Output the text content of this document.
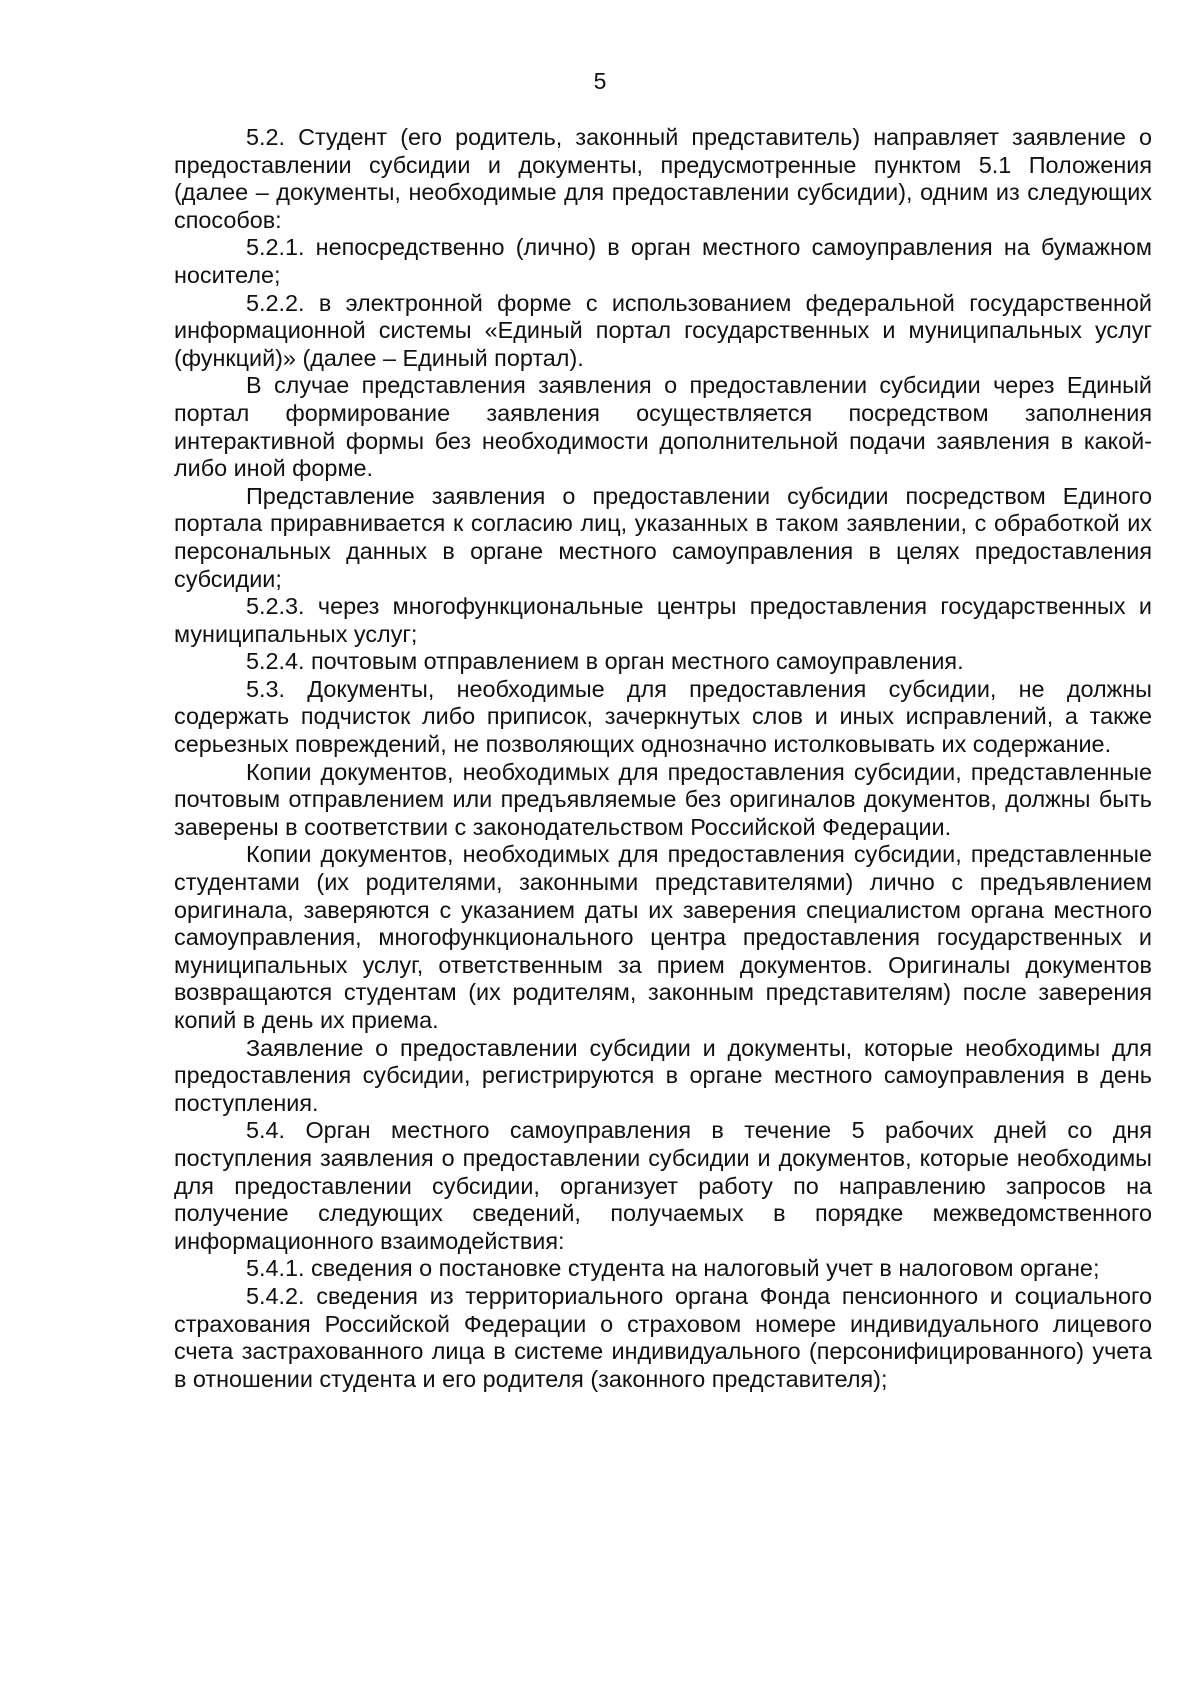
5

5.2. Студент (его родитель, законный представитель) направляет заявление о предоставлении субсидии и документы, предусмотренные пунктом 5.1 Положения (далее – документы, необходимые для предоставлении субсидии), одним из следующих способов:

5.2.1. непосредственно (лично) в орган местного самоуправления на бумажном носителе;

5.2.2. в электронной форме с использованием федеральной государственной информационной системы «Единый портал государственных и муниципальных услуг (функций)» (далее – Единый портал).

В случае представления заявления о предоставлении субсидии через Единый портал формирование заявления осуществляется посредством заполнения интерактивной формы без необходимости дополнительной подачи заявления в какой-либо иной форме.

Представление заявления о предоставлении субсидии посредством Единого портала приравнивается к согласию лиц, указанных в таком заявлении, с обработкой их персональных данных в органе местного самоуправления в целях предоставления субсидии;

5.2.3. через многофункциональные центры предоставления государственных и муниципальных услуг;

5.2.4. почтовым отправлением в орган местного самоуправления.

5.3. Документы, необходимые для предоставления субсидии, не должны содержать подчисток либо приписок, зачеркнутых слов и иных исправлений, а также серьезных повреждений, не позволяющих однозначно истолковывать их содержание.

Копии документов, необходимых для предоставления субсидии, представленные почтовым отправлением или предъявляемые без оригиналов документов, должны быть заверены в соответствии с законодательством Российской Федерации.

Копии документов, необходимых для предоставления субсидии, представленные студентами (их родителями, законными представителями) лично с предъявлением оригинала, заверяются с указанием даты их заверения специалистом органа местного самоуправления, многофункционального центра предоставления государственных и муниципальных услуг, ответственным за прием документов. Оригиналы документов возвращаются студентам (их родителям, законным представителям) после заверения копий в день их приема.

Заявление о предоставлении субсидии и документы, которые необходимы для предоставления субсидии, регистрируются в органе местного самоуправления в день поступления.

5.4. Орган местного самоуправления в течение 5 рабочих дней со дня поступления заявления о предоставлении субсидии и документов, которые необходимы для предоставлении субсидии, организует работу по направлению запросов на получение следующих сведений, получаемых в порядке межведомственного информационного взаимодействия:

5.4.1. сведения о постановке студента на налоговый учет в налоговом органе;

5.4.2. сведения из территориального органа Фонда пенсионного и социального страхования Российской Федерации о страховом номере индивидуального лицевого счета застрахованного лица в системе индивидуального (персонифицированного) учета в отношении студента и его родителя (законного представителя);
